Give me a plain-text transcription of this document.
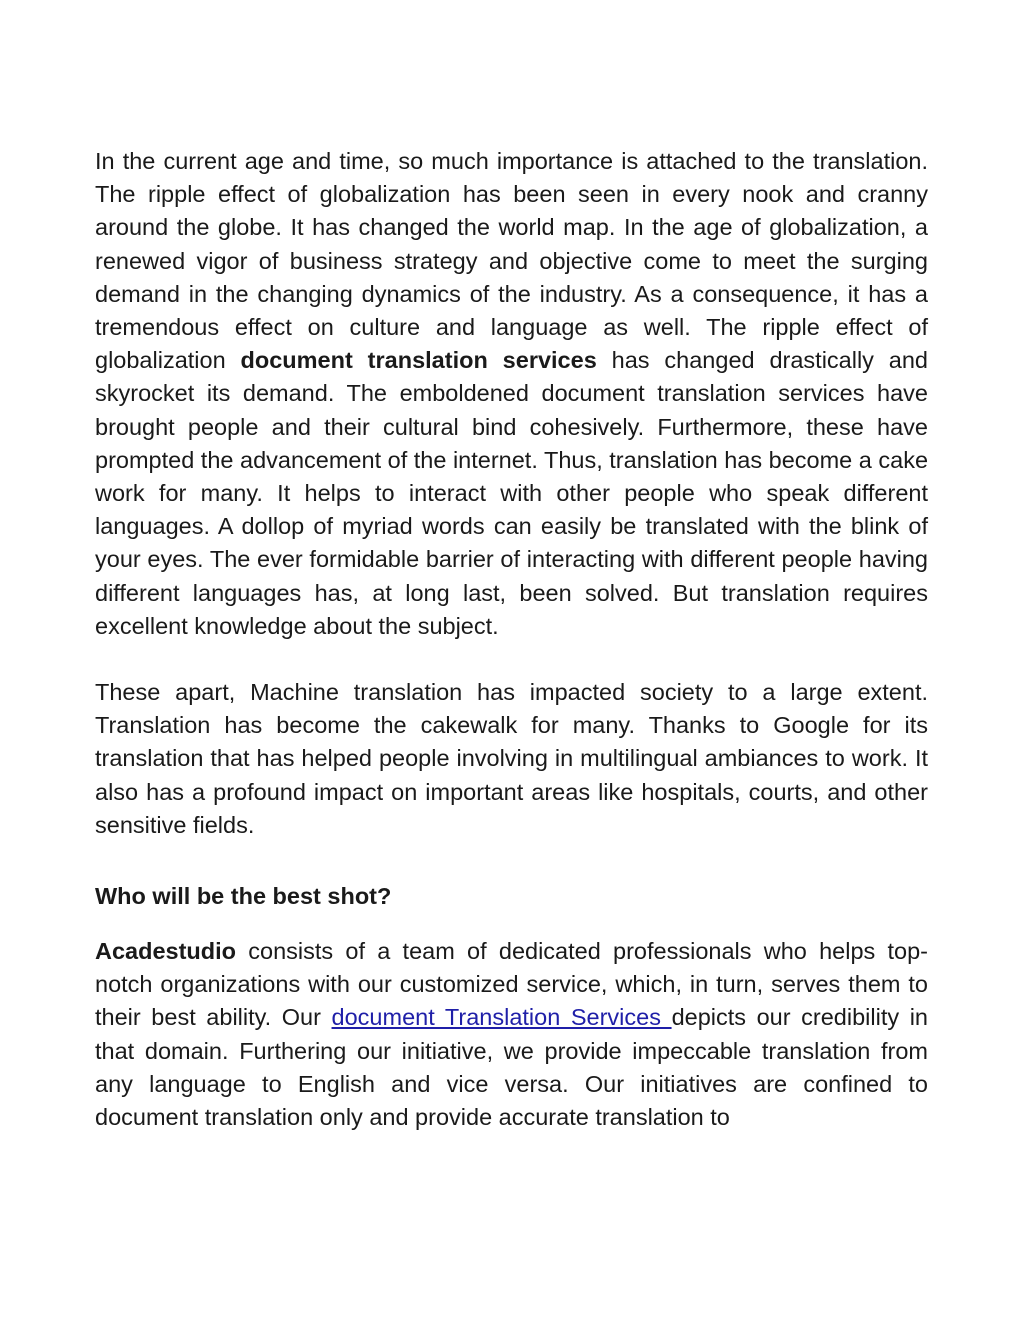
In the current age and time, so much importance is attached to the translation. The ripple effect of globalization has been seen in every nook and cranny around the globe. It has changed the world map. In the age of globalization, a renewed vigor of business strategy and objective come to meet the surging demand in the changing dynamics of the industry. As a consequence, it has a tremendous effect on culture and language as well. The ripple effect of globalization document translation services has changed drastically and skyrocket its demand. The emboldened document translation services have brought people and their cultural bind cohesively. Furthermore, these have prompted the advancement of the internet. Thus, translation has become a cake work for many. It helps to interact with other people who speak different languages. A dollop of myriad words can easily be translated with the blink of your eyes. The ever formidable barrier of interacting with different people having different languages has, at long last, been solved. But translation requires excellent knowledge about the subject.

These apart, Machine translation has impacted society to a large extent. Translation has become the cakewalk for many. Thanks to Google for its translation that has helped people involving in multilingual ambiances to work. It also has a profound impact on important areas like hospitals, courts, and other sensitive fields.

Who will be the best shot?

Acadestudio consists of a team of dedicated professionals who helps top-notch organizations with our customized service, which, in turn, serves them to their best ability. Our document Translation Services depicts our credibility in that domain. Furthering our initiative, we provide impeccable translation from any language to English and vice versa. Our initiatives are confined to document translation only and provide accurate translation to
